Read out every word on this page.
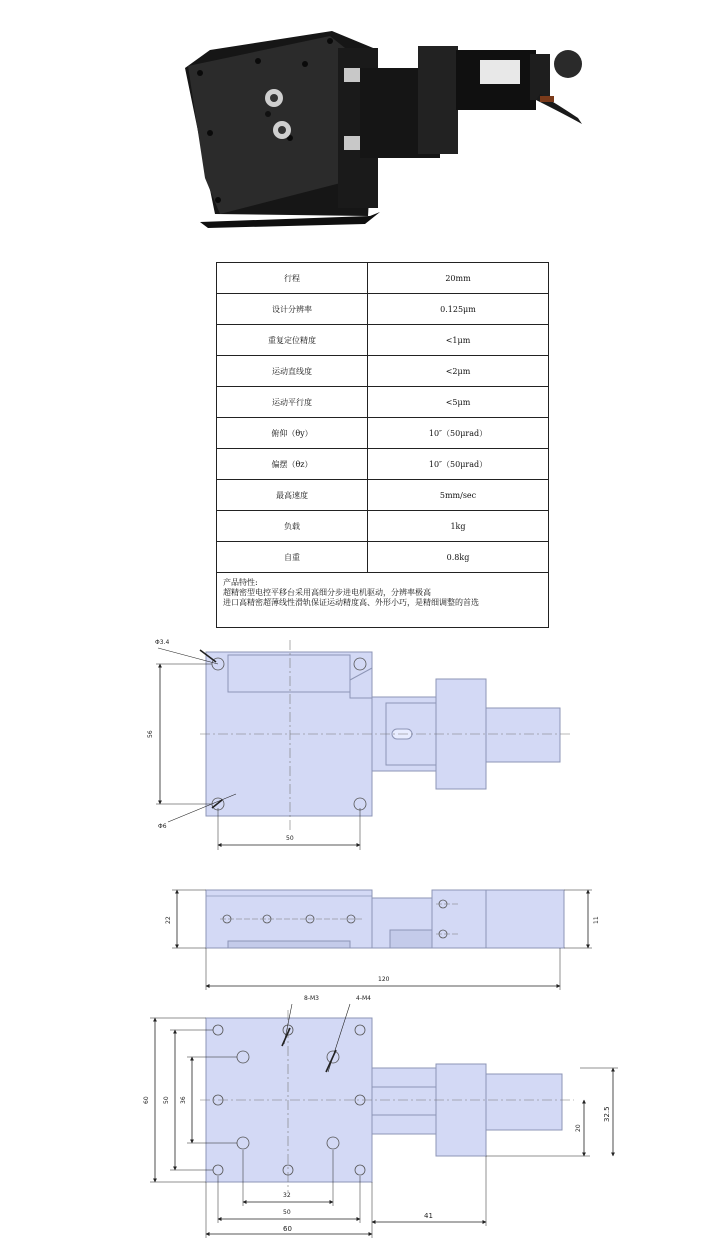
行程	20mm
设计分辨率	0.125μm
重复定位精度	<1μm
运动直线度	<2μm
运动平行度	<5μm
俯仰（θy）	10″（50μrad）
偏摆（θz）	10″（50μrad）
最高速度	5mm/sec
负载	1kg
自重	0.8kg

产品特性:
超精密型电控平移台采用高细分步进电机驱动，分辨率极高
进口高精密超薄线性滑轨保证运动精度高、外形小巧，是精细调整的首选	
56
50
Φ3.4
Φ6
22	11
120
60 50 36
32
50
60
41
20
32.5
8-M3	4-M4
